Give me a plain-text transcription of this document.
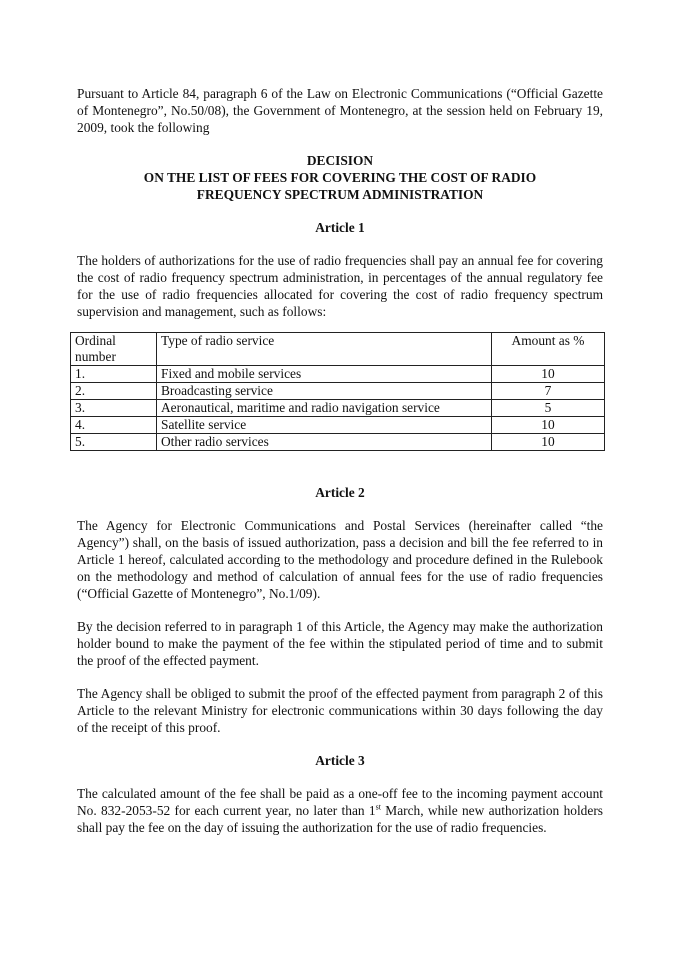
Pursuant to Article 84, paragraph 6 of the Law on Electronic Communications (“Official Gazette of Montenegro”, No.50/08), the Government of Montenegro, at the session held on February 19, 2009, took the following

DECISION

ON THE LIST OF FEES FOR COVERING THE COST OF RADIO

FREQUENCY SPECTRUM ADMINISTRATION

Article 1

The holders of authorizations for the use of radio frequencies shall pay an annual fee for covering the cost of radio frequency spectrum administration, in percentages of the annual regulatory fee for the use of radio frequencies allocated for covering the cost of radio frequency spectrum supervision and management, such as follows:

Ordinal number	Type of radio service	Amount as %
1.	Fixed and mobile services	10
2.	Broadcasting service	7
3.	Aeronautical, maritime and radio navigation service	5
4.	Satellite service	10
5.	Other radio services	10

Article 2

The Agency for Electronic Communications and Postal Services (hereinafter called “the Agency”) shall, on the basis of issued authorization, pass a decision and bill the fee referred to in Article 1 hereof, calculated according to the methodology and procedure defined in the Rulebook on the methodology and method of calculation of annual fees for the use of radio frequencies (“Official Gazette of Montenegro”, No.1/09).

By the decision referred to in paragraph 1 of this Article, the Agency may make the authorization holder bound to make the payment of the fee within the stipulated period of time and to submit the proof of the effected payment.

The Agency shall be obliged to submit the proof of the effected payment from paragraph 2 of this Article to the relevant Ministry for electronic communications within 30 days following the day of the receipt of this proof.

Article 3

The calculated amount of the fee shall be paid as a one-off fee to the incoming payment account No. 832-2053-52 for each current year, no later than 1st March, while new authorization holders shall pay the fee on the day of issuing the authorization for the use of radio frequencies.
